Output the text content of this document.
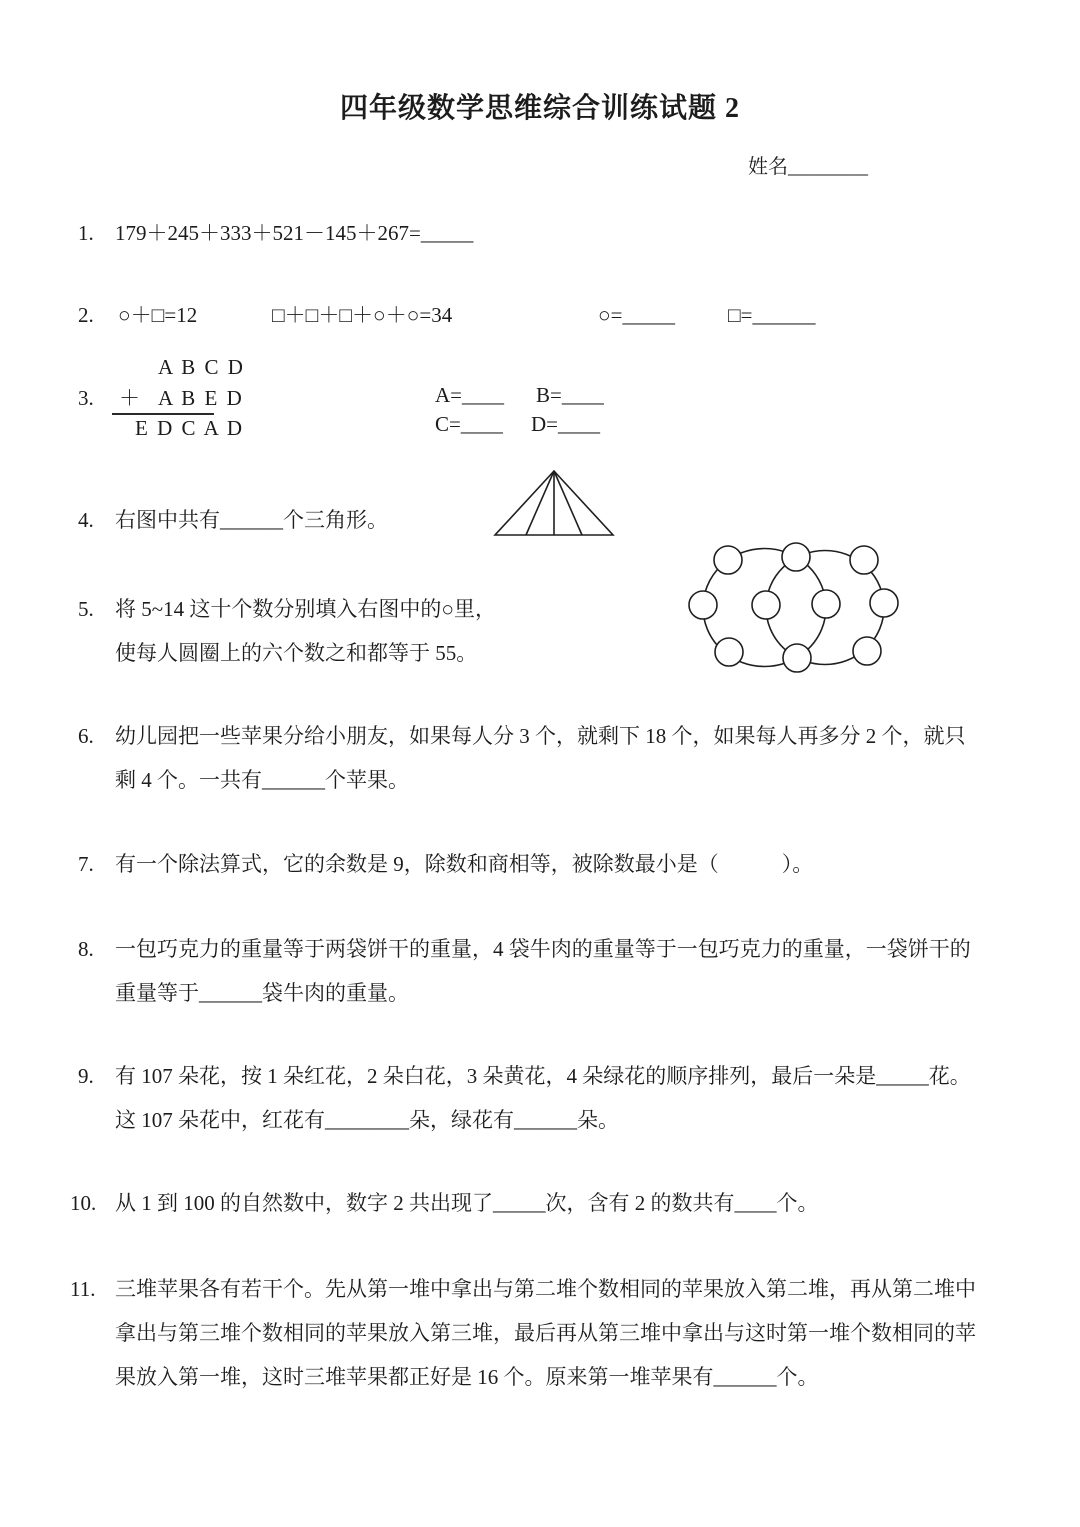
四年级数学思维综合训练试题 2
姓名________
1. 179＋245＋333＋521－145＋267=_____
2. ○＋□=12	□＋□＋□＋○＋○=34	○=_____	□=______
3.
A B C D
＋ A B E D
E D C A D
A=____ B=____
C=____ D=____
4. 右图中共有______个三角形。
5. 将 5~14 这十个数分别填入右图中的○里，
使每人圆圈上的六个数之和都等于 55。
6. 幼儿园把一些苹果分给小朋友，如果每人分 3 个，就剩下 18 个，如果每人再多分 2 个，就只
剩 4 个。一共有______个苹果。
7. 有一个除法算式，它的余数是 9，除数和商相等，被除数最小是（　　　）。
8. 一包巧克力的重量等于两袋饼干的重量，4 袋牛肉的重量等于一包巧克力的重量，一袋饼干的
重量等于______袋牛肉的重量。
9. 有 107 朵花，按 1 朵红花，2 朵白花，3 朵黄花，4 朵绿花的顺序排列，最后一朵是_____花。
这 107 朵花中，红花有________朵，绿花有______朵。
10. 从 1 到 100 的自然数中，数字 2 共出现了_____次，含有 2 的数共有____个。
11. 三堆苹果各有若干个。先从第一堆中拿出与第二堆个数相同的苹果放入第二堆，再从第二堆中
拿出与第三堆个数相同的苹果放入第三堆，最后再从第三堆中拿出与这时第一堆个数相同的苹
果放入第一堆，这时三堆苹果都正好是 16 个。原来第一堆苹果有______个。
